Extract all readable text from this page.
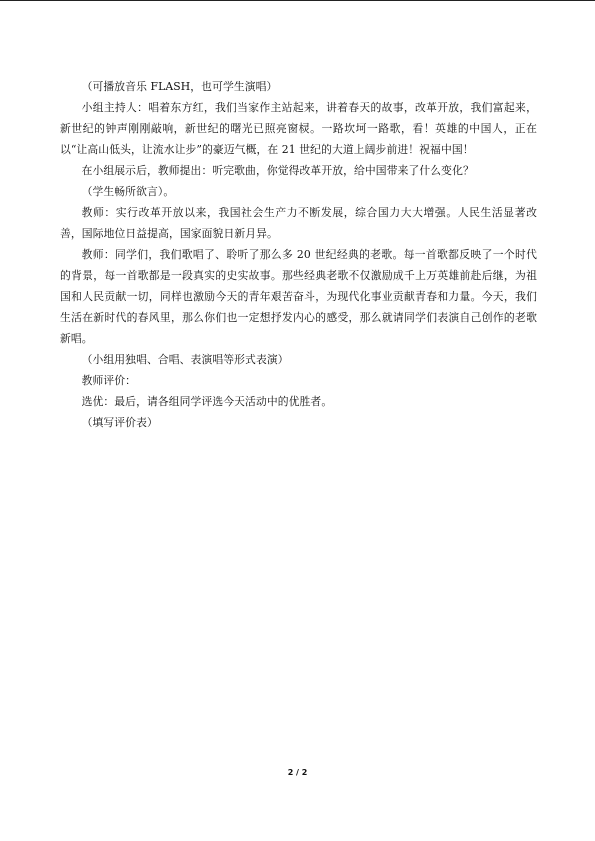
（可播放音乐 FLASH，也可学生演唱）

小组主持人：唱着东方红，我们当家作主站起来，讲着春天的故事，改革开放，我们富起来，新世纪的钟声刚刚敲响，新世纪的曙光已照亮窗棂。一路坎坷一路歌，看！英雄的中国人，正在以“让高山低头，让流水让步”的豪迈气概，在 21 世纪的大道上阔步前进！祝福中国！

在小组展示后，教师提出：听完歌曲，你觉得改革开放，给中国带来了什么变化？

（学生畅所欲言）。

教师：实行改革开放以来，我国社会生产力不断发展，综合国力大大增强。人民生活显著改善，国际地位日益提高，国家面貌日新月异。

教师：同学们，我们歌唱了、聆听了那么多 20 世纪经典的老歌。每一首歌都反映了一个时代的背景，每一首歌都是一段真实的史实故事。那些经典老歌不仅激励成千上万英雄前赴后继，为祖国和人民贡献一切，同样也激励今天的青年艰苦奋斗，为现代化事业贡献青春和力量。今天，我们生活在新时代的春风里，那么你们也一定想抒发内心的感受，那么就请同学们表演自己创作的老歌新唱。

（小组用独唱、合唱、表演唱等形式表演）

教师评价：

选优：最后，请各组同学评选今天活动中的优胜者。

（填写评价表）

2 / 2
